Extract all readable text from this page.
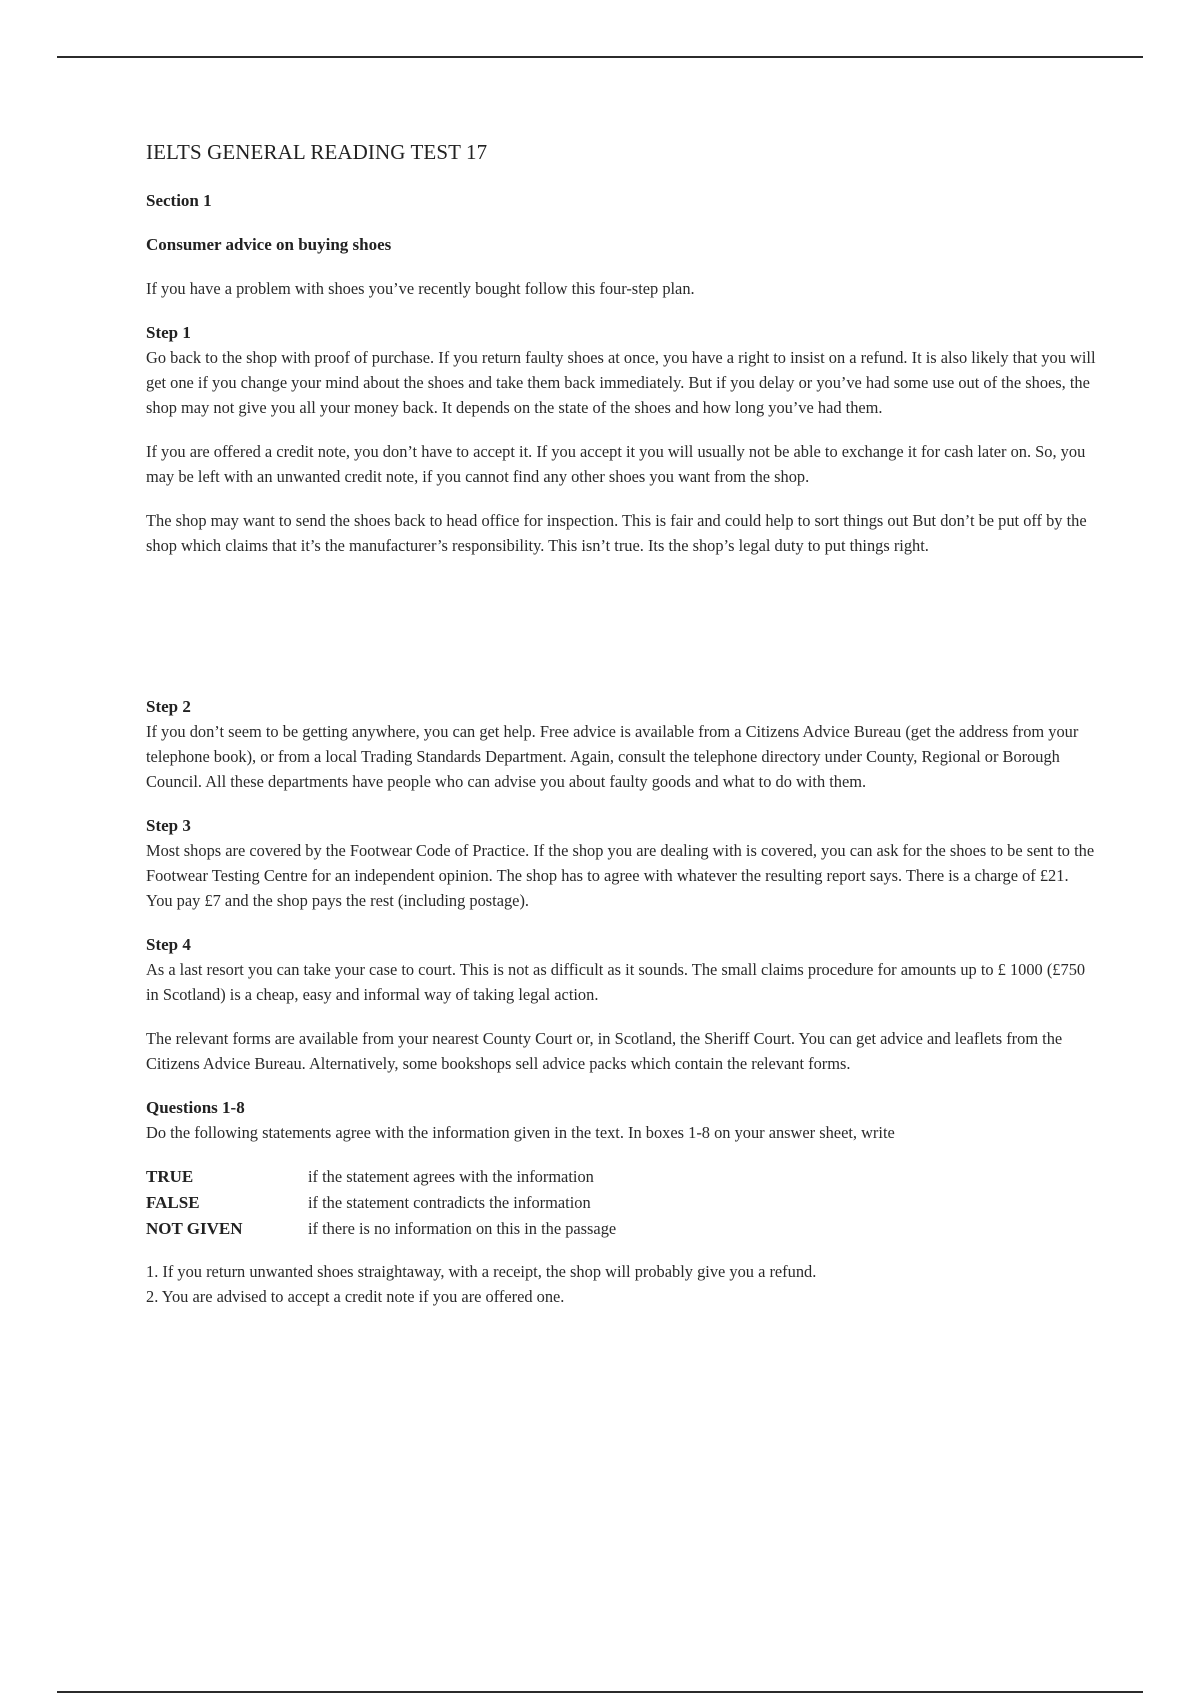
IELTS GENERAL READING TEST 17
Section 1
Consumer advice on buying shoes

If you have a problem with shoes you’ve recently bought follow this four-step plan.

Step 1

Go back to the shop with proof of purchase. If you return faulty shoes at once, you have a right to insist on a refund. It is also likely that you will get one if you change your mind about the shoes and take them back immediately. But if you delay or you’ve had some use out of the shoes, the shop may not give you all your money back. It depends on the state of the shoes and how long you’ve had them.

If you are offered a credit note, you don’t have to accept it. If you accept it you will usually not be able to exchange it for cash later on. So, you may be left with an unwanted credit note, if you cannot find any other shoes you want from the shop.

The shop may want to send the shoes back to head office for inspection. This is fair and could help to sort things out But don’t be put off by the shop which claims that it’s the manufacturer’s responsibility. This isn’t true. Its the shop’s legal duty to put things right.

Step 2

If you don’t seem to be getting anywhere, you can get help. Free advice is available from a Citizens Advice Bureau (get the address from your telephone book), or from a local Trading Standards Department. Again, consult the telephone directory under County, Regional or Borough Council. All these departments have people who can advise you about faulty goods and what to do with them.

Step 3

Most shops are covered by the Footwear Code of Practice. If the shop you are dealing with is covered, you can ask for the shoes to be sent to the Footwear Testing Centre for an independent opinion. The shop has to agree with whatever the resulting report says. There is a charge of £21. You pay £7 and the shop pays the rest (including postage).

Step 4

As a last resort you can take your case to court. This is not as difficult as it sounds. The small claims procedure for amounts up to £ 1000 (£750 in Scotland) is a cheap, easy and informal way of taking legal action.

The relevant forms are available from your nearest County Court or, in Scotland, the Sheriff Court. You can get advice and leaflets from the Citizens Advice Bureau. Alternatively, some bookshops sell advice packs which contain the relevant forms.

Questions 1-8

Do the following statements agree with the information given in the text. In boxes 1-8 on your answer sheet, write

TRUE	if the statement agrees with the information
FALSE	if the statement contradicts the information
NOT GIVEN	if there is no information on this in the passage

1. If you return unwanted shoes straightaway, with a receipt, the shop will probably give you a refund.

2. You are advised to accept a credit note if you are offered one.
